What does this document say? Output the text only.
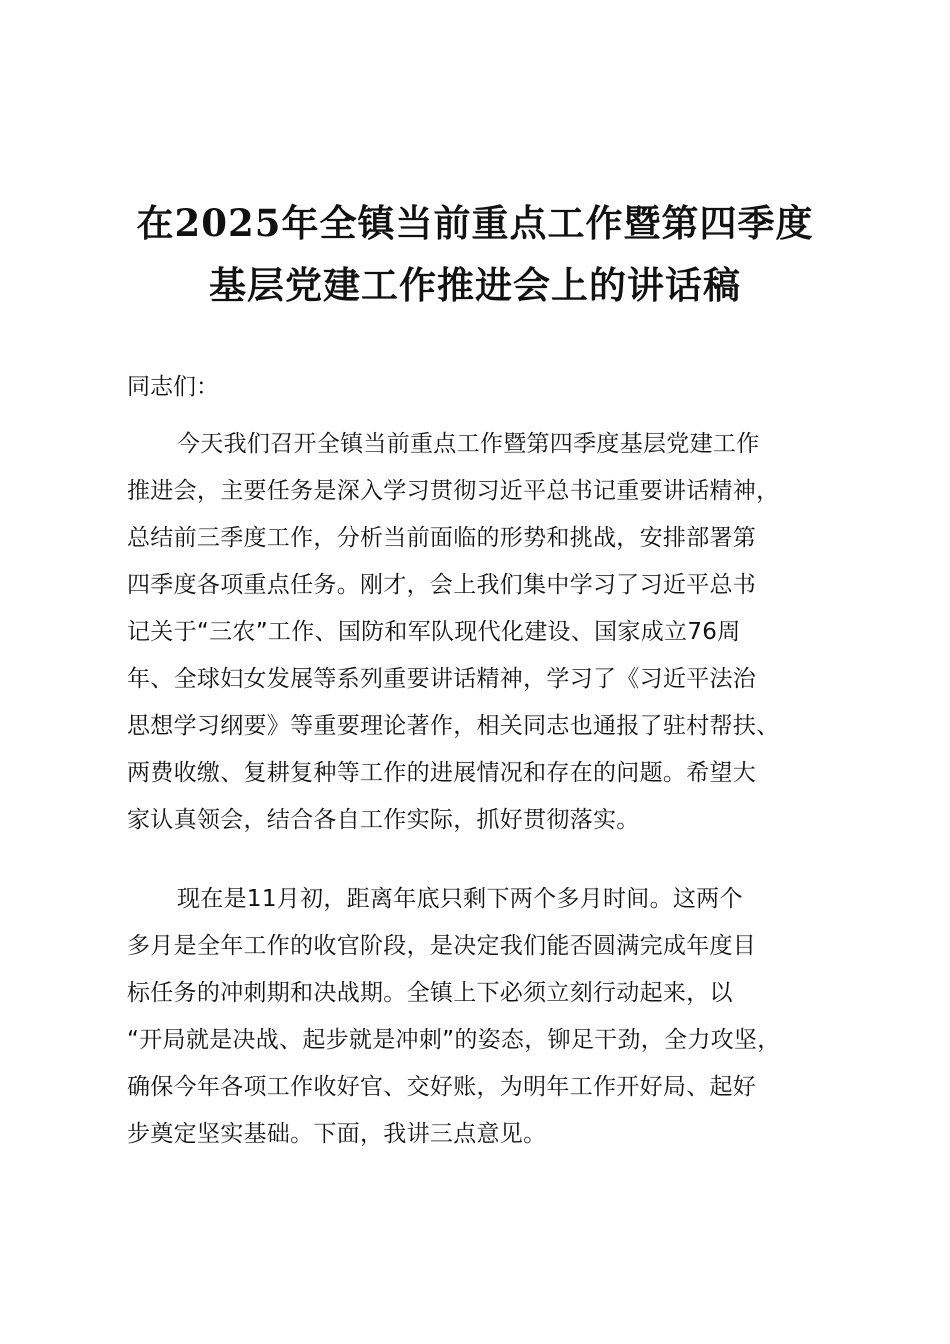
在2025年全镇当前重点工作暨第四季度
基层党建工作推进会上的讲话稿
同志们：
今天我们召开全镇当前重点工作暨第四季度基层党建工作
推进会，主要任务是深入学习贯彻习近平总书记重要讲话精神，
总结前三季度工作，分析当前面临的形势和挑战，安排部署第
四季度各项重点任务。刚才，会上我们集中学习了习近平总书
记关于“三农”工作、国防和军队现代化建设、国家成立76周
年、全球妇女发展等系列重要讲话精神，学习了《习近平法治
思想学习纲要》等重要理论著作，相关同志也通报了驻村帮扶、
两费收缴、复耕复种等工作的进展情况和存在的问题。希望大
家认真领会，结合各自工作实际，抓好贯彻落实。
现在是11月初，距离年底只剩下两个多月时间。这两个
多月是全年工作的收官阶段，是决定我们能否圆满完成年度目
标任务的冲刺期和决战期。全镇上下必须立刻行动起来，以
“开局就是决战、起步就是冲刺”的姿态，铆足干劲，全力攻坚，
确保今年各项工作收好官、交好账，为明年工作开好局、起好
步奠定坚实基础。下面，我讲三点意见。
